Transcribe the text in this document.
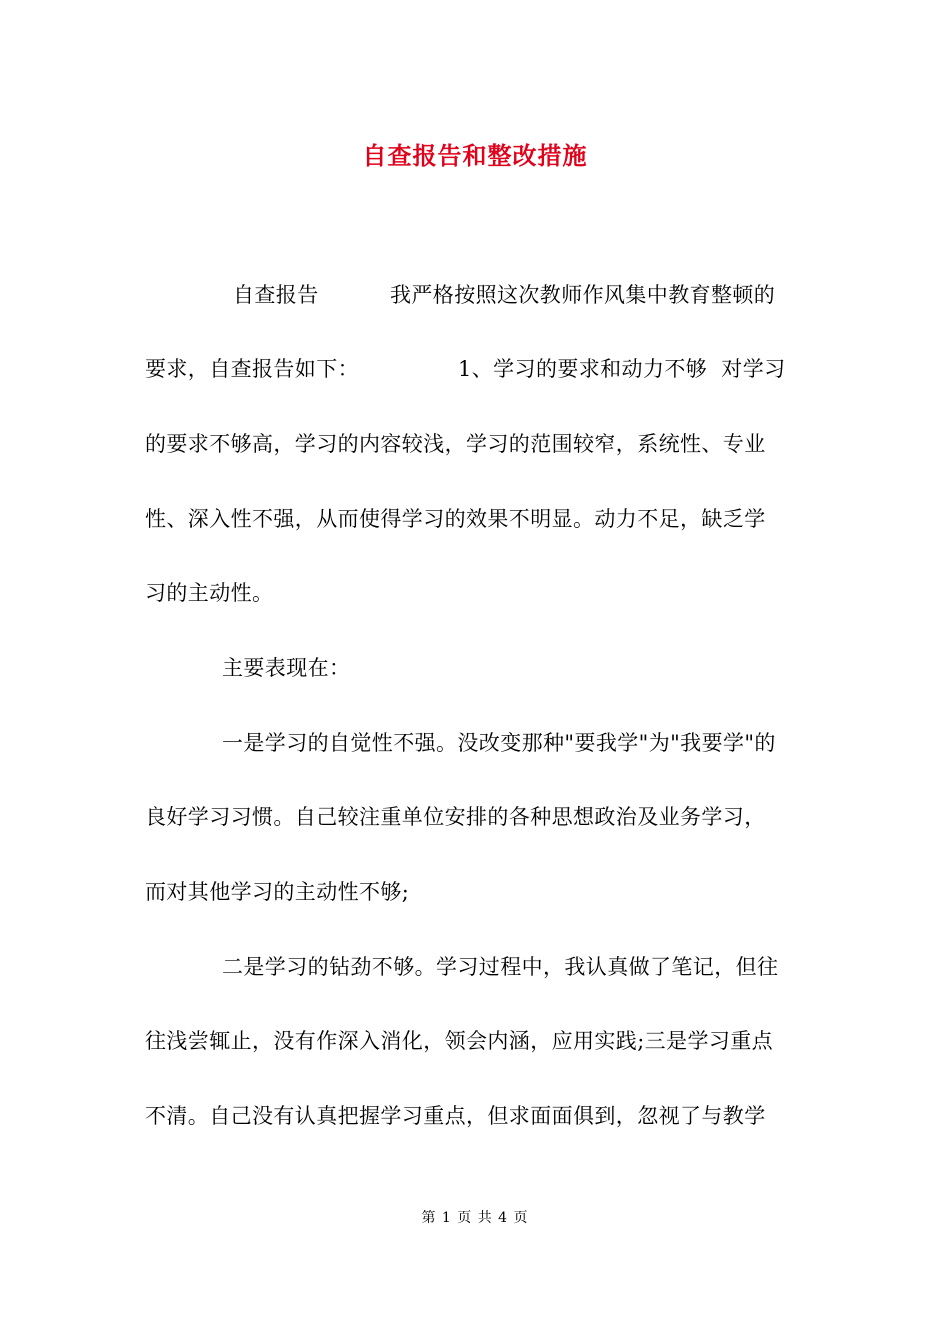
自查报告和整改措施
自查报告	我严格按照这次教师作风集中教育整顿的
要求，自查报告如下：	1、学习的要求和动力不够  对学习
的要求不够高，学习的内容较浅，学习的范围较窄，系统性、专业
性、深入性不强，从而使得学习的效果不明显。动力不足，缺乏学
习的主动性。
主要表现在：
一是学习的自觉性不强。没改变那种"要我学"为"我要学"的
良好学习习惯。自己较注重单位安排的各种思想政治及业务学习，
而对其他学习的主动性不够;
二是学习的钻劲不够。学习过程中，我认真做了笔记，但往
往浅尝辄止，没有作深入消化，领会内涵，应用实践;三是学习重点
不清。自己没有认真把握学习重点，但求面面俱到，忽视了与教学
第 1 页 共 4 页
